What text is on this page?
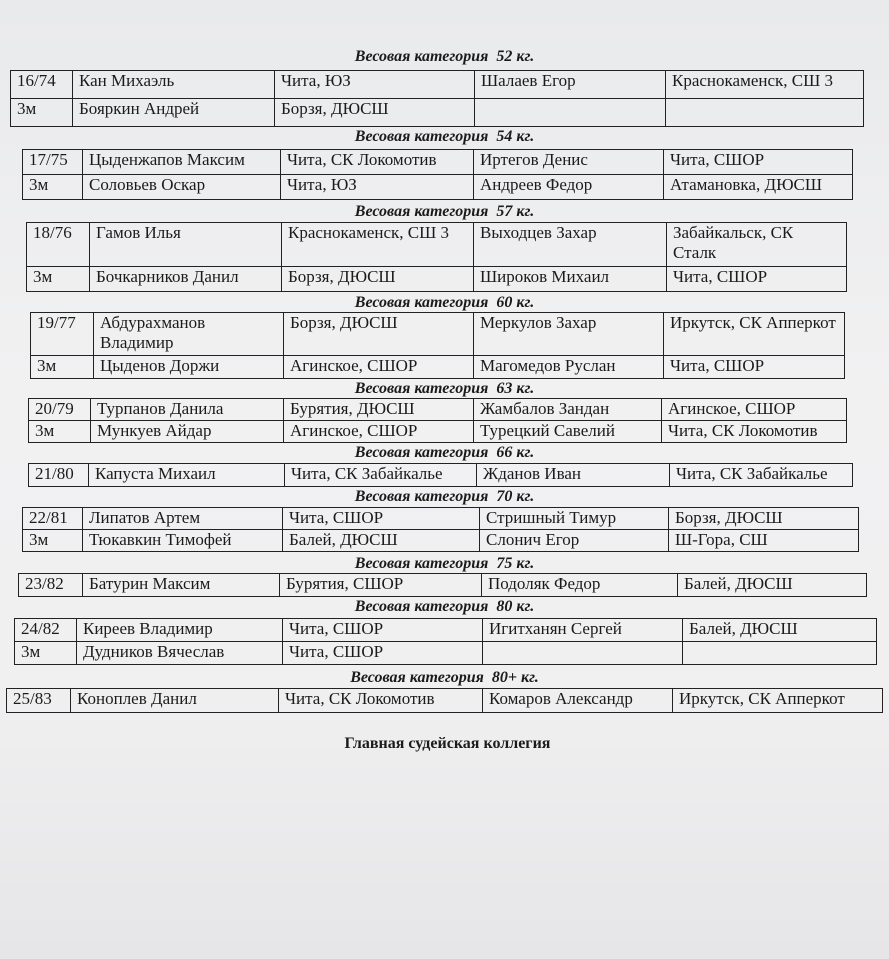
Весовая категория  52 кг.
16/74	Кан Михаэль	Чита, ЮЗ	Шалаев Егор	Краснокаменск, СШ 3
3м	Бояркин Андрей	Борзя, ДЮСШ		
Весовая категория  54 кг.
17/75	Цыденжапов Максим	Чита, СК Локомотив	Иртегов Денис	Чита, СШОР
3м	Соловьев Оскар	Чита, ЮЗ	Андреев Федор	Атамановка, ДЮСШ
Весовая категория  57 кг.
18/76	Гамов Илья	Краснокаменск, СШ 3	Выходцев Захар	Забайкальск, СК Сталк
3м	Бочкарников Данил	Борзя, ДЮСШ	Широков Михаил	Чита, СШОР
Весовая категория  60 кг.
19/77	Абдурахманов Владимир	Борзя, ДЮСШ	Меркулов Захар	Иркутск, СК Апперкот
3м	Цыденов Доржи	Агинское, СШОР	Магомедов Руслан	Чита, СШОР
Весовая категория  63 кг.
20/79	Турпанов Данила	Бурятия, ДЮСШ	Жамбалов Зандан	Агинское, СШОР
3м	Мункуев Айдар	Агинское, СШОР	Турецкий Савелий	Чита, СК Локомотив
Весовая категория  66 кг.
21/80	Капуста Михаил	Чита, СК Забайкалье	Жданов Иван	Чита, СК Забайкалье
Весовая категория  70 кг.
22/81	Липатов Артем	Чита, СШОР	Стришный Тимур	Борзя, ДЮСШ
3м	Тюкавкин Тимофей	Балей, ДЮСШ	Слонич Егор	Ш-Гора, СШ
Весовая категория  75 кг.
23/82	Батурин Максим	Бурятия, СШОР	Подоляк Федор	Балей, ДЮСШ
Весовая категория  80 кг.
24/82	Киреев Владимир	Чита, СШОР	Игитханян Сергей	Балей, ДЮСШ
3м	Дудников Вячеслав	Чита, СШОР		
Весовая категория  80+ кг.
25/83	Коноплев Данил	Чита, СК Локомотив	Комаров Александр	Иркутск, СК Апперкот
Главная судейская коллегия
